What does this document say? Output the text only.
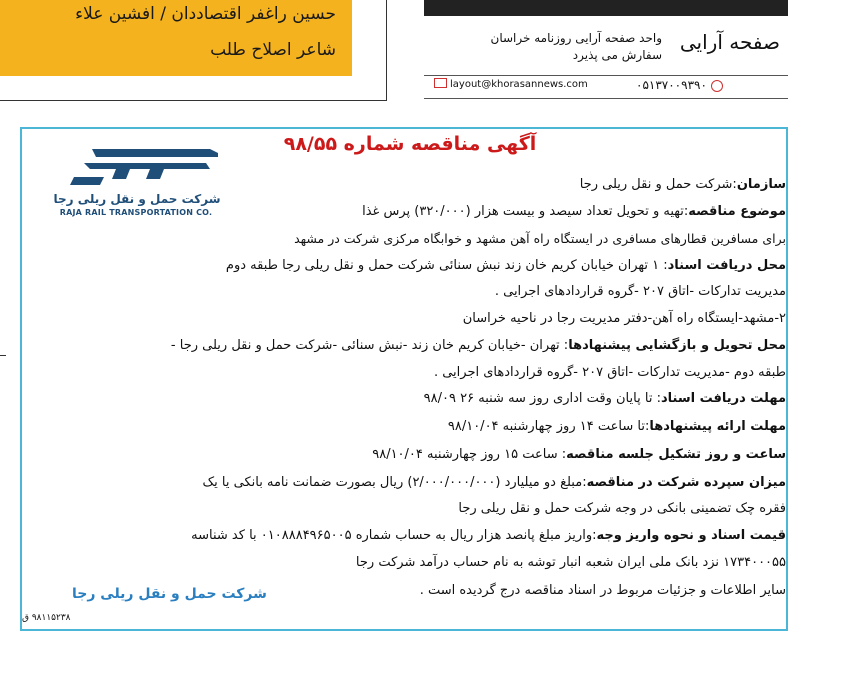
حسین راغفر اقتصاددان / افشین علاء
شاعر اصلاح طلب	صفحه آرایی
واحد صفحه آرایی روزنامه خراسان
سفارش می پذیرد
layout@khorasannews.com	۰۵۱۳۷۰۰۹۳۹۰
آگهی مناقصه شماره ۹۸/۵۵
شرکت حمل و نقل ریلی رجا
RAJA RAIL TRANSPORTATION CO.
سازمان:شرکت حمل و نقل ریلی رجا
موضوع مناقصه:تهیه و تحویل تعداد سیصد و بیست هزار (۳۲۰/۰۰۰) پرس غذا
برای مسافرین قطارهای مسافری در ایستگاه راه آهن مشهد و خوابگاه مرکزی شرکت در مشهد
محل دریافت اسناد: ۱ تهران خیابان کریم خان زند نبش سنائی شرکت حمل و نقل ریلی رجا طبقه دوم
مدیریت تدارکات -اتاق ۲۰۷ -گروه قراردادهای اجرایی .
۲-مشهد-ایستگاه راه آهن-دفتر مدیریت رجا در ناحیه خراسان
محل تحویل و بازگشایی پیشنهادها: تهران -خیابان کریم خان زند -نبش سنائی -شرکت حمل و نقل ریلی رجا -
طبقه دوم -مدیریت تدارکات -اتاق ۲۰۷ -گروه قراردادهای اجرایی .
مهلت دریافت اسناد: تا پایان وقت اداری روز سه شنبه ۲۶ ۹۸/۰۹
مهلت ارائه پیشنهادها:تا ساعت ۱۴ روز چهارشنبه ۹۸/۱۰/۰۴
ساعت و روز تشکیل جلسه مناقصه: ساعت ۱۵ روز چهارشنبه ۹۸/۱۰/۰۴
میزان سپرده شرکت در مناقصه:مبلغ دو میلیارد (۲/۰۰۰/۰۰۰/۰۰۰) ریال بصورت ضمانت نامه بانکی یا یک
فقره چک تضمینی بانکی در وجه شرکت حمل و نقل ریلی رجا
قیمت اسناد و نحوه واریز وجه:واریز مبلغ پانصد هزار ریال به حساب شماره ۰۱۰۸۸۸۴۹۶۵۰۰۵ با کد شناسه
۱۷۳۴۰۰۰۵۵ نزد بانک ملی ایران شعبه انبار توشه به نام حساب درآمد شرکت رجا
سایر اطلاعات و جزئیات مربوط در اسناد مناقصه درج گردیده است .
شرکت حمل و نقل ریلی رجا
۹۸۱۱۵۲۳۸ ق
